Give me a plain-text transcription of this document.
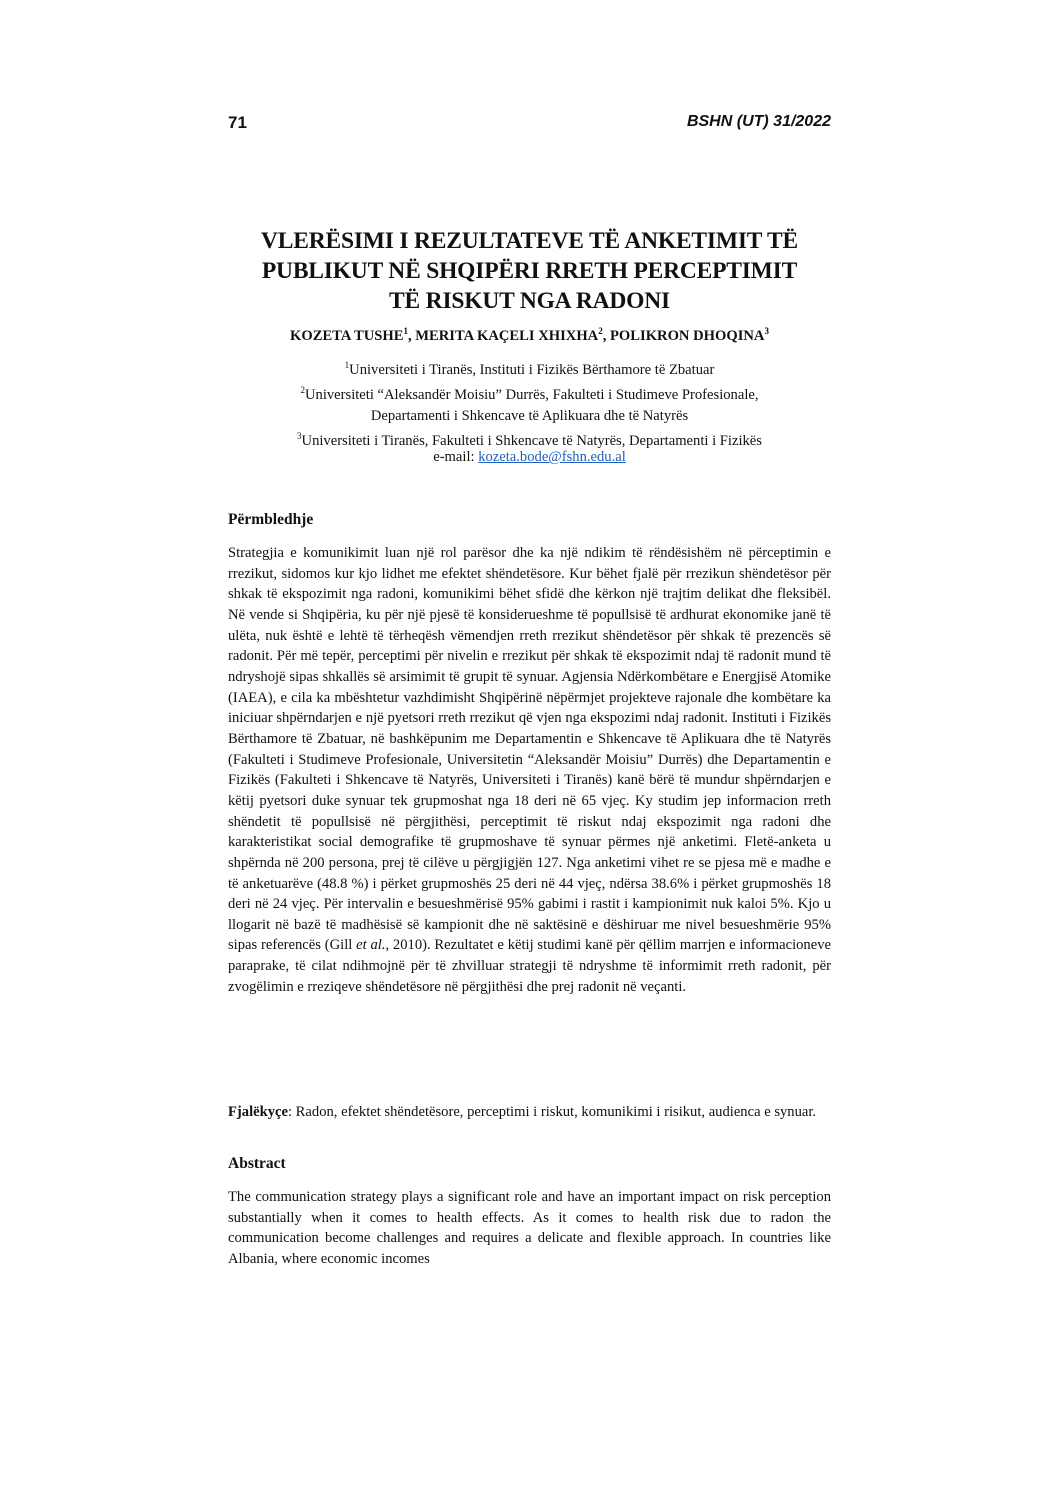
71	BSHN (UT) 31/2022
VLERËSIMI I REZULTATEVE TË ANKETIMIT TË
PUBLIKUT NË SHQIPËRI RRETH PERCEPTIMIT
TË RISKUT NGA RADONI
KOZETA TUSHE$^1$, MERITA KAÇELI XHIXHA$^2$, POLIKRON DHOQINA$^3$
$^1$Universiteti i Tiranës, Instituti i Fizikës Bërthamore të Zbatuar
$^2$Universiteti “Aleksandër Moisiu” Durrës, Fakulteti i Studimeve Profesionale,
Departamenti i Shkencave të Aplikuara dhe të Natyrës
$^3$Universiteti i Tiranës, Fakulteti i Shkencave të Natyrës, Departamenti i Fizikës
e-mail: kozeta.bode@fshn.edu.al
Përmbledhje

Strategjia e komunikimit luan një rol parësor dhe ka një ndikim të rëndësishëm në përceptimin e rrezikut, sidomos kur kjo lidhet me efektet shëndetësore. Kur bëhet fjalë për rrezikun shëndetësor për shkak të ekspozimit nga radoni, komunikimi bëhet sfidë dhe kërkon një trajtim delikat dhe fleksibël. Në vende si Shqipëria, ku për një pjesë të konsiderueshme të popullsisë të ardhurat ekonomike janë të ulëta, nuk është e lehtë të tërheqësh vëmendjen rreth rrezikut shëndetësor për shkak të prezencës së radonit. Për më tepër, perceptimi për nivelin e rrezikut për shkak të ekspozimit ndaj të radonit mund të ndryshojë sipas shkallës së arsimimit të grupit të synuar. Agjensia Ndërkombëtare e Energjisë Atomike (IAEA), e cila ka mbështetur vazhdimisht Shqipërinë nëpërmjet projekteve rajonale dhe kombëtare ka iniciuar shpërndarjen e një pyetsori rreth rrezikut që vjen nga ekspozimi ndaj radonit. Instituti i Fizikës Bërthamore të Zbatuar, në bashkëpunim me Departamentin e Shkencave të Aplikuara dhe të Natyrës (Fakulteti i Studimeve Profesionale, Universitetin “Aleksandër Moisiu” Durrës) dhe Departamentin e Fizikës (Fakulteti i Shkencave të Natyrës, Universiteti i Tiranës) kanë bërë të mundur shpërndarjen e këtij pyetsori duke synuar tek grupmoshat nga 18 deri në 65 vjeç. Ky studim jep informacion rreth shëndetit të popullsisë në përgjithësi, perceptimit të riskut ndaj ekspozimit nga radoni dhe karakteristikat social demografike të grupmoshave të synuar përmes një anketimi. Fletë-anketa u shpërnda në 200 persona, prej të cilëve u përgjigjën 127. Nga anketimi vihet re se pjesa më e madhe e të anketuarëve (48.8 %) i përket grupmoshës 25 deri në 44 vjeç, ndërsa 38.6% i përket grupmoshës 18 deri në 24 vjeç. Për intervalin e besueshmërisë 95% gabimi i rastit i kampionimit nuk kaloi 5%. Kjo u llogarit në bazë të madhësisë së kampionit dhe në saktësinë e dëshiruar me nivel besueshmërie 95% sipas referencës (Gill et al., 2010). Rezultatet e këtij studimi kanë për qëllim marrjen e informacioneve paraprake, të cilat ndihmojnë për të zhvilluar strategji të ndryshme të informimit rreth radonit, për zvogëlimin e rreziqeve shëndetësore në përgjithësi dhe prej radonit në veçanti.

Fjalëkyçe: Radon, efektet shëndetësore, perceptimi i riskut, komunikimi i risikut, audienca e synuar.

Abstract

The communication strategy plays a significant role and have an important impact on risk perception substantially when it comes to health effects. As it comes to health risk due to radon the communication become challenges and requires a delicate and flexible approach. In countries like Albania, where economic incomes
